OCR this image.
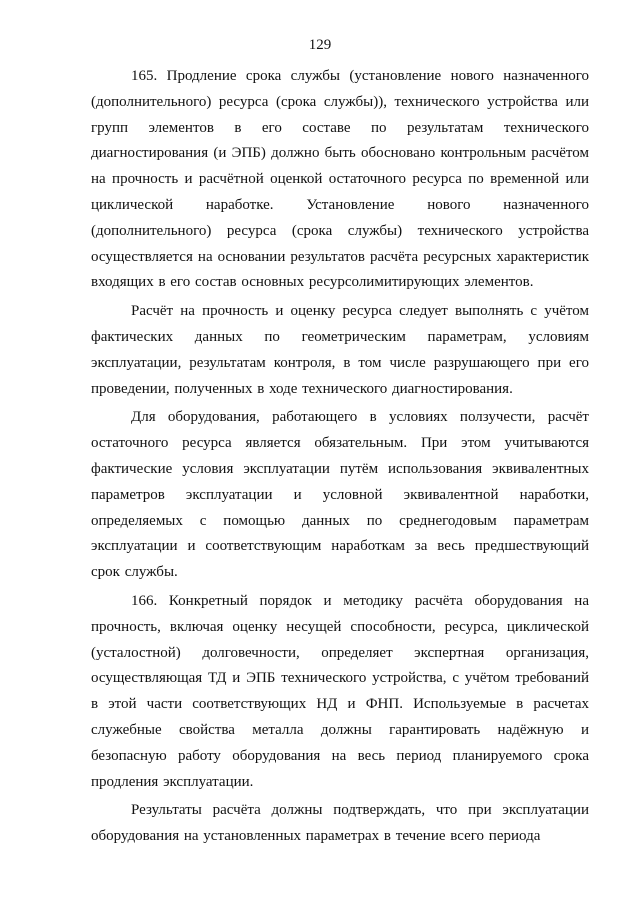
129

165. Продление срока службы (установление нового назначенного (дополнительного) ресурса (срока службы)), технического устройства или групп элементов в его составе по результатам технического диагностирования (и ЭПБ) должно быть обосновано контрольным расчётом на прочность и расчётной оценкой остаточного ресурса по временной или циклической наработке. Установление нового назначенного (дополнительного) ресурса (срока службы) технического устройства осуществляется на основании результатов расчёта ресурсных характеристик входящих в его состав основных ресурсолимитирующих элементов.

Расчёт на прочность и оценку ресурса следует выполнять с учётом фактических данных по геометрическим параметрам, условиям эксплуатации, результатам контроля, в том числе разрушающего при его проведении, полученных в ходе технического диагностирования.

Для оборудования, работающего в условиях ползучести, расчёт остаточного ресурса является обязательным. При этом учитываются фактические условия эксплуатации путём использования эквивалентных параметров эксплуатации и условной эквивалентной наработки, определяемых с помощью данных по среднегодовым параметрам эксплуатации и соответствующим наработкам за весь предшествующий срок службы.

166. Конкретный порядок и методику расчёта оборудования на прочность, включая оценку несущей способности, ресурса, циклической (усталостной) долговечности, определяет экспертная организация, осуществляющая ТД и ЭПБ технического устройства, с учётом требований в этой части соответствующих НД и ФНП. Используемые в расчетах служебные свойства металла должны гарантировать надёжную и безопасную работу оборудования на весь период планируемого срока продления эксплуатации.

Результаты расчёта должны подтверждать, что при эксплуатации оборудования на установленных параметрах в течение всего периода
